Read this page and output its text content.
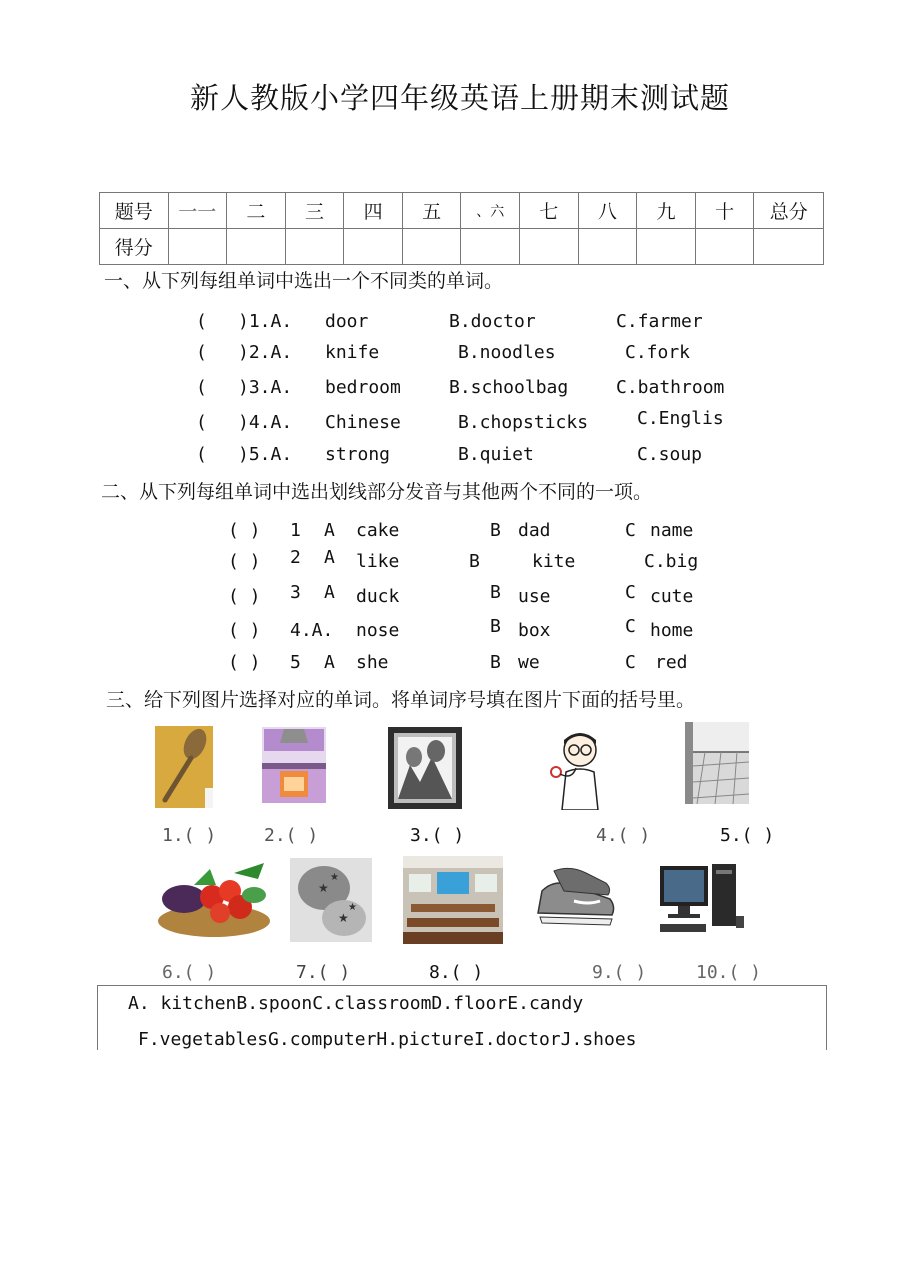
新人教版小学四年级英语上册期末测试题
题号	一一	二	三	四	五	、六	七	八	九	十	总分
得分											
一、从下列每组单词中选出一个不同类的单词。
( )1.A. door	B.doctor	C.farmer
( )2.A. knife	B.noodles	C.fork
( )3.A. bedroom	B.schoolbag	C.bathroom
( )4.A. Chinese	B.chopsticks	C.Englis
( )5.A. strong	B.quiet	C.soup
二、从下列每组单词中选出划线部分发音与其他两个不同的一项。
( ) 1 A cake	B dad	C name
( ) 2 A like	B	kite	C.big
( ) 3 A duck	B use	C cute
( ) 4.A. nose	B box	C home
( ) 5 A she	B we	C red
三、给下列图片选择对应的单词。将单词序号填在图片下面的括号里。
1.( )	2.( )	3.( )	4.( )	5.( )
★
★
★
★
6.( )	7.( )	8.( )	9.( )	10.( )
A. kitchenB.spoonC.classroomD.floorE.candy
F.vegetablesG.computerH.pictureI.doctorJ.shoes
